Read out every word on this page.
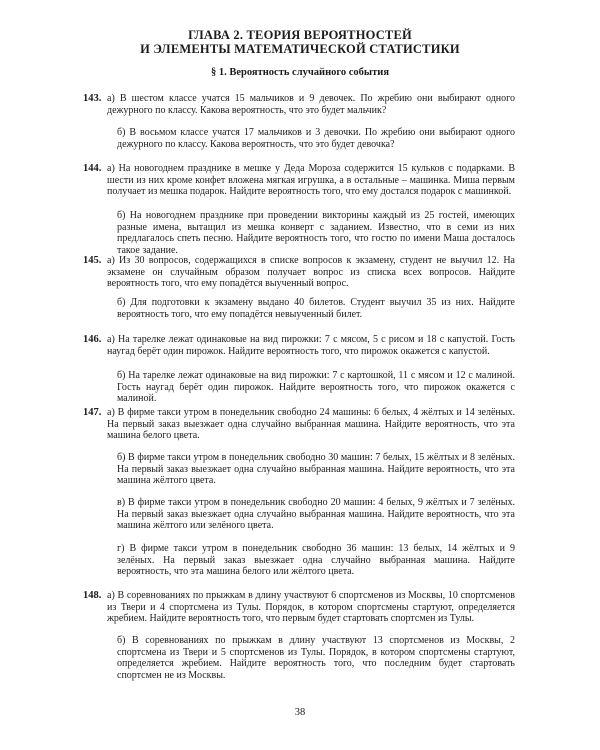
ГЛАВА 2. ТЕОРИЯ ВЕРОЯТНОСТЕЙ
И ЭЛЕМЕНТЫ МАТЕМАТИЧЕСКОЙ СТАТИСТИКИ
§ 1. Вероятность случайного события
143. а) В шестом классе учатся 15 мальчиков и 9 девочек. По жребию они выбирают одного дежурного по классу. Какова вероятность, что это будет мальчик?
б) В восьмом классе учатся 17 мальчиков и 3 девочки. По жребию они выбирают одного дежурного по классу. Какова вероятность, что это будет девочка?
144. а) На новогоднем празднике в мешке у Деда Мороза содержится 15 кульков с подарками. В шести из них кроме конфет вложена мягкая игрушка, а в остальные – машинка. Миша первым получает из мешка подарок. Найдите вероятность того, что ему достался подарок с машинкой.
б) На новогоднем празднике при проведении викторины каждый из 25 гостей, имеющих разные имена, вытащил из мешка конверт с заданием. Известно, что в семи из них предлагалось спеть песню. Найдите вероятность того, что гостю по имени Маша досталось такое задание.
145. а) Из 30 вопросов, содержащихся в списке вопросов к экзамену, студент не выучил 12. На экзамене он случайным образом получает вопрос из списка всех вопросов. Найдите вероятность того, что ему попадётся выученный вопрос.
б) Для подготовки к экзамену выдано 40 билетов. Студент выучил 35 из них. Найдите вероятность того, что ему попадётся невыученный билет.
146. а) На тарелке лежат одинаковые на вид пирожки: 7 с мясом, 5 с рисом и 18 с капустой. Гость наугад берёт один пирожок. Найдите вероятность того, что пирожок окажется с капустой.
б) На тарелке лежат одинаковые на вид пирожки: 7 с картошкой, 11 с мясом и 12 с малиной. Гость наугад берёт один пирожок. Найдите вероятность того, что пирожок окажется с малиной.
147. а) В фирме такси утром в понедельник свободно 24 машины: 6 белых, 4 жёлтых и 14 зелёных. На первый заказ выезжает одна случайно выбранная машина. Найдите вероятность, что эта машина белого цвета.
б) В фирме такси утром в понедельник свободно 30 машин: 7 белых, 15 жёлтых и 8 зелёных. На первый заказ выезжает одна случайно выбранная машина. Найдите вероятность, что эта машина жёлтого цвета.
в) В фирме такси утром в понедельник свободно 20 машин: 4 белых, 9 жёлтых и 7 зелёных. На первый заказ выезжает одна случайно выбранная машина. Найдите вероятность, что эта машина жёлтого или зелёного цвета.
г) В фирме такси утром в понедельник свободно 36 машин: 13 белых, 14 жёлтых и 9 зелёных. На первый заказ выезжает одна случайно выбранная машина. Найдите вероятность, что эта машина белого или жёлтого цвета.
148. а) В соревнованиях по прыжкам в длину участвуют 6 спортсменов из Москвы, 10 спортсменов из Твери и 4 спортсмена из Тулы. Порядок, в котором спортсмены стартуют, определяется жребием. Найдите вероятность того, что первым будет стартовать спортсмен из Тулы.
б) В соревнованиях по прыжкам в длину участвуют 13 спортсменов из Москвы, 2 спортсмена из Твери и 5 спортсменов из Тулы. Порядок, в котором спортсмены стартуют, определяется жребием. Найдите вероятность того, что последним будет стартовать спортсмен не из Москвы.
38
